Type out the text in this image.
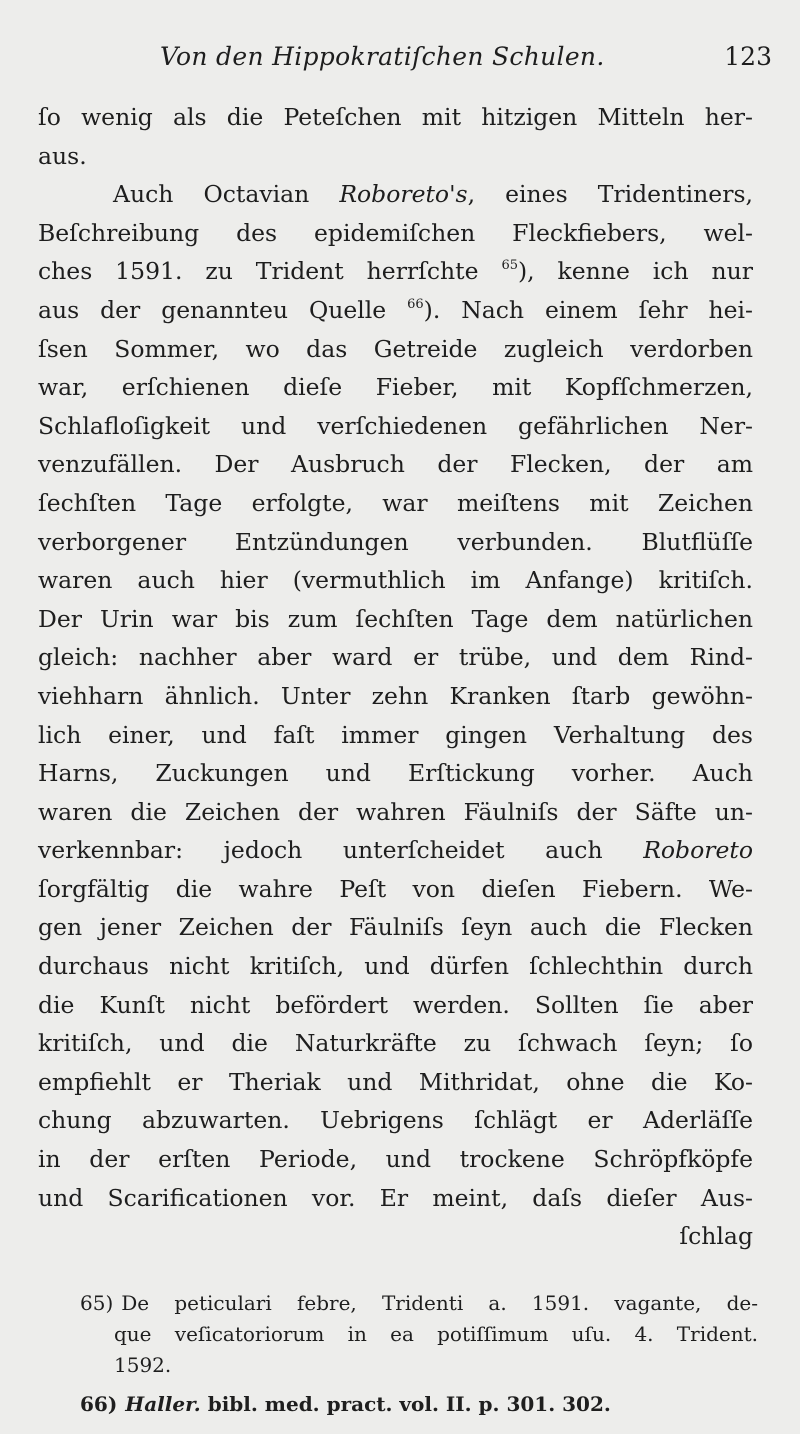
Von den Hippokratiſchen Schulen.	123
ſo wenig als die Peteſchen mit hitzigen Mitteln her-
aus.
Auch Octavian Roboreto's, eines Tridentiners,
Beſchreibung des epidemiſchen Fleckfiebers, wel-
ches 1591. zu Trident herrſchte $^{65}$), kenne ich nur
aus der genannteu Quelle $^{66}$). Nach einem ſehr hei-
ſsen Sommer, wo das Getreide zugleich verdorben
war, erſchienen dieſe Fieber, mit Kopfſchmerzen,
Schlafloſigkeit und verſchiedenen gefährlichen Ner-
venzufällen. Der Ausbruch der Flecken, der am
ſechſten Tage erfolgte, war meiſtens mit Zeichen
verborgener Entzündungen verbunden. Blutflüſſe
waren auch hier (vermuthlich im Anfange) kritiſch.
Der Urin war bis zum ſechſten Tage dem natürlichen
gleich: nachher aber ward er trübe, und dem Rind-
viehharn ähnlich. Unter zehn Kranken ſtarb gewöhn-
lich einer, und faſt immer gingen Verhaltung des
Harns, Zuckungen und Erſtickung vorher. Auch
waren die Zeichen der wahren Fäulniſs der Säfte un-
verkennbar: jedoch unterſcheidet auch Roboreto
ſorgfältig die wahre Peſt von dieſen Fiebern. We-
gen jener Zeichen der Fäulniſs ſeyn auch die Flecken
durchaus nicht kritiſch, und dürfen ſchlechthin durch
die Kunſt nicht befördert werden. Sollten ſie aber
kritiſch, und die Naturkräfte zu ſchwach ſeyn; ſo
empfiehlt er Theriak und Mithridat, ohne die Ko-
chung abzuwarten. Uebrigens ſchlägt er Aderläſſe
in der erſten Periode, und trockene Schröpfköpfe
und Scarificationen vor. Er meint, daſs dieſer Aus-
ſchlag
65) De peticulari febre, Tridenti a. 1591. vagante, de-
que veſicatoriorum in ea potiſſimum uſu. 4. Trident.
1592.
66) Haller. bibl. med. pract. vol. II. p. 301. 302.
